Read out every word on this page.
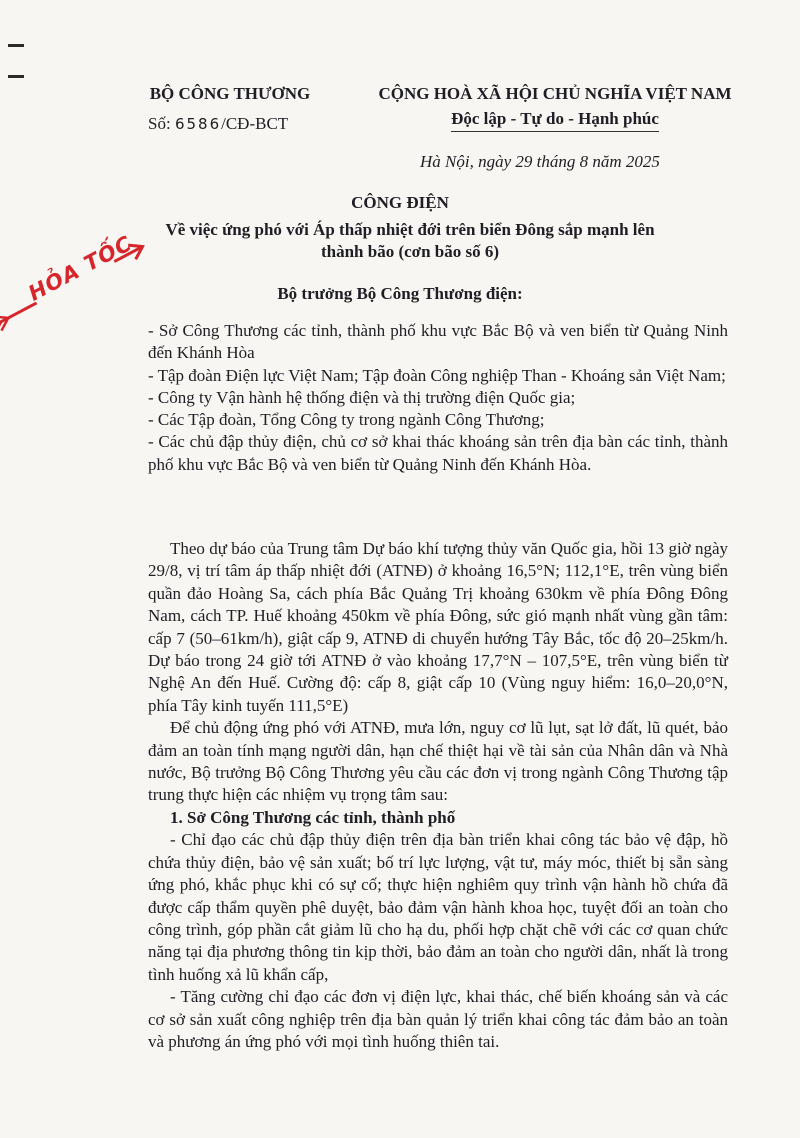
BỘ CÔNG THƯƠNG
Số: 6586/CĐ-BCT
CỘNG HOÀ XÃ HỘI CHỦ NGHĨA VIỆT NAM
Độc lập - Tự do - Hạnh phúc
Hà Nội, ngày 29 tháng 8 năm 2025
CÔNG ĐIỆN
Về việc ứng phó với Áp thấp nhiệt đới trên biển Đông sắp mạnh lên thành bão (cơn bão số 6)
HỎA TỐC	Bộ trưởng Bộ Công Thương điện:

- Sở Công Thương các tỉnh, thành phố khu vực Bắc Bộ và ven biển từ Quảng Ninh đến Khánh Hòa

- Tập đoàn Điện lực Việt Nam; Tập đoàn Công nghiệp Than - Khoáng sản Việt Nam;

- Công ty Vận hành hệ thống điện và thị trường điện Quốc gia;

- Các Tập đoàn, Tổng Công ty trong ngành Công Thương;

- Các chủ đập thủy điện, chủ cơ sở khai thác khoáng sản trên địa bàn các tỉnh, thành phố khu vực Bắc Bộ và ven biển từ Quảng Ninh đến Khánh Hòa.

Theo dự báo của Trung tâm Dự báo khí tượng thủy văn Quốc gia, hồi 13 giờ ngày 29/8, vị trí tâm áp thấp nhiệt đới (ATNĐ) ở khoảng 16,5°N; 112,1°E, trên vùng biển quần đảo Hoàng Sa, cách phía Bắc Quảng Trị khoảng 630km về phía Đông Đông Nam, cách TP. Huế khoảng 450km về phía Đông, sức gió mạnh nhất vùng gần tâm: cấp 7 (50–61km/h), giật cấp 9, ATNĐ di chuyển hướng Tây Bắc, tốc độ 20–25km/h. Dự báo trong 24 giờ tới ATNĐ ở vào khoảng 17,7°N – 107,5°E, trên vùng biển từ Nghệ An đến Huế. Cường độ: cấp 8, giật cấp 10 (Vùng nguy hiểm: 16,0–20,0°N, phía Tây kinh tuyến 111,5°E)

Để chủ động ứng phó với ATNĐ, mưa lớn, nguy cơ lũ lụt, sạt lở đất, lũ quét, bảo đảm an toàn tính mạng người dân, hạn chế thiệt hại về tài sản của Nhân dân và Nhà nước, Bộ trưởng Bộ Công Thương yêu cầu các đơn vị trong ngành Công Thương tập trung thực hiện các nhiệm vụ trọng tâm sau:

1. Sở Công Thương các tỉnh, thành phố

- Chỉ đạo các chủ đập thủy điện trên địa bàn triển khai công tác bảo vệ đập, hồ chứa thủy điện, bảo vệ sản xuất; bố trí lực lượng, vật tư, máy móc, thiết bị sẵn sàng ứng phó, khắc phục khi có sự cố; thực hiện nghiêm quy trình vận hành hồ chứa đã được cấp thẩm quyền phê duyệt, bảo đảm vận hành khoa học, tuyệt đối an toàn cho công trình, góp phần cắt giảm lũ cho hạ du, phối hợp chặt chẽ với các cơ quan chức năng tại địa phương thông tin kịp thời, bảo đảm an toàn cho người dân, nhất là trong tình huống xả lũ khẩn cấp,

- Tăng cường chỉ đạo các đơn vị điện lực, khai thác, chế biến khoáng sản và các cơ sở sản xuất công nghiệp trên địa bàn quản lý triển khai công tác đảm bảo an toàn và phương án ứng phó với mọi tình huống thiên tai.
